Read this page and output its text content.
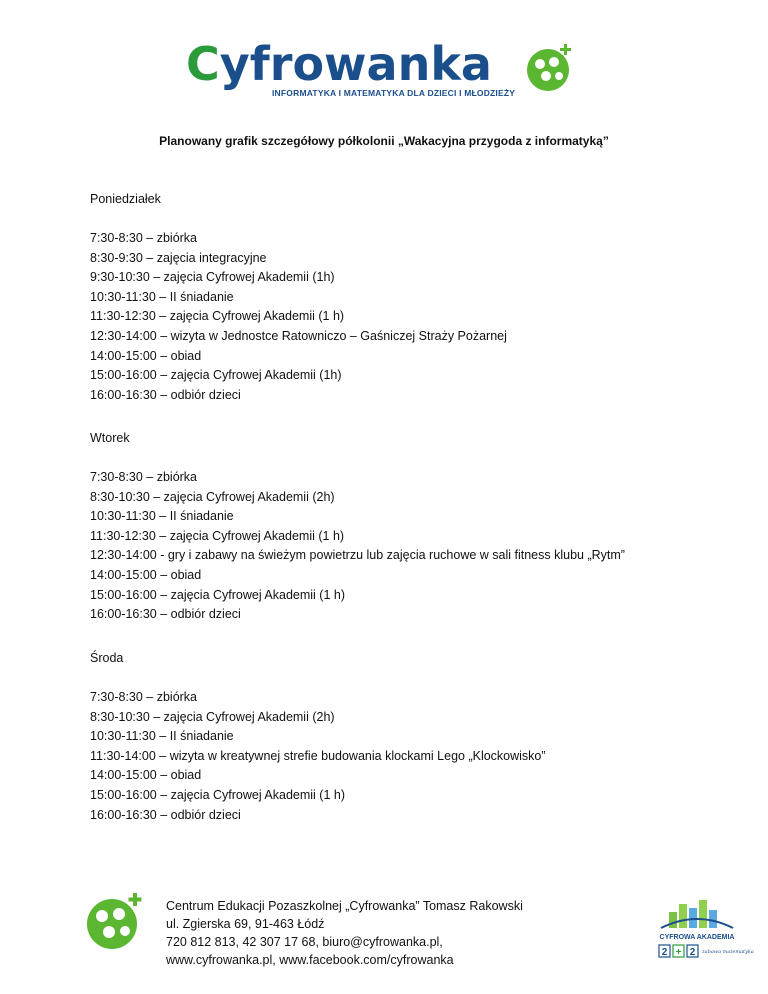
Cyfrowanka
INFORMATYKA I MATEMATYKA DLA DZIECI I MŁODZIEŻY
Planowany grafik szczegółowy półkolonii „Wakacyjna przygoda z informatyką”
Poniedziałek
7:30-8:30 – zbiórka
8:30-9:30 – zajęcia integracyjne
9:30-10:30 – zajęcia Cyfrowej Akademii (1h)
10:30-11:30 – II śniadanie
11:30-12:30 – zajęcia Cyfrowej Akademii (1 h)
12:30-14:00 – wizyta w Jednostce Ratowniczo – Gaśniczej Straży Pożarnej
14:00-15:00 – obiad
15:00-16:00 – zajęcia Cyfrowej Akademii (1h)
16:00-16:30 – odbiór dzieci
Wtorek
7:30-8:30 – zbiórka
8:30-10:30 – zajęcia Cyfrowej Akademii (2h)
10:30-11:30 – II śniadanie
11:30-12:30 – zajęcia Cyfrowej Akademii (1 h)
12:30-14:00 - gry i zabawy na świeżym powietrzu lub zajęcia ruchowe w sali fitness klubu „Rytm”
14:00-15:00 – obiad
15:00-16:00 – zajęcia Cyfrowej Akademii (1 h)
16:00-16:30 – odbiór dzieci
Środa
7:30-8:30 – zbiórka
8:30-10:30 – zajęcia Cyfrowej Akademii (2h)
10:30-11:30 – II śniadanie
11:30-14:00 – wizyta w kreatywnej strefie budowania klockami Lego „Klockowisko”
14:00-15:00 – obiad
15:00-16:00 – zajęcia Cyfrowej Akademii (1 h)
16:00-16:30 – odbiór dzieci
Centrum Edukacji Pozaszkolnej „Cyfrowanka” Tomasz Rakowski
ul. Zgierska 69, 91-463 Łódź
720 812 813, 42 307 17 68, biuro@cyfrowanka.pl,
www.cyfrowanka.pl, www.facebook.com/cyfrowanka
CYFROWA AKADEMIA
2 + 2 zabawa matematyka
